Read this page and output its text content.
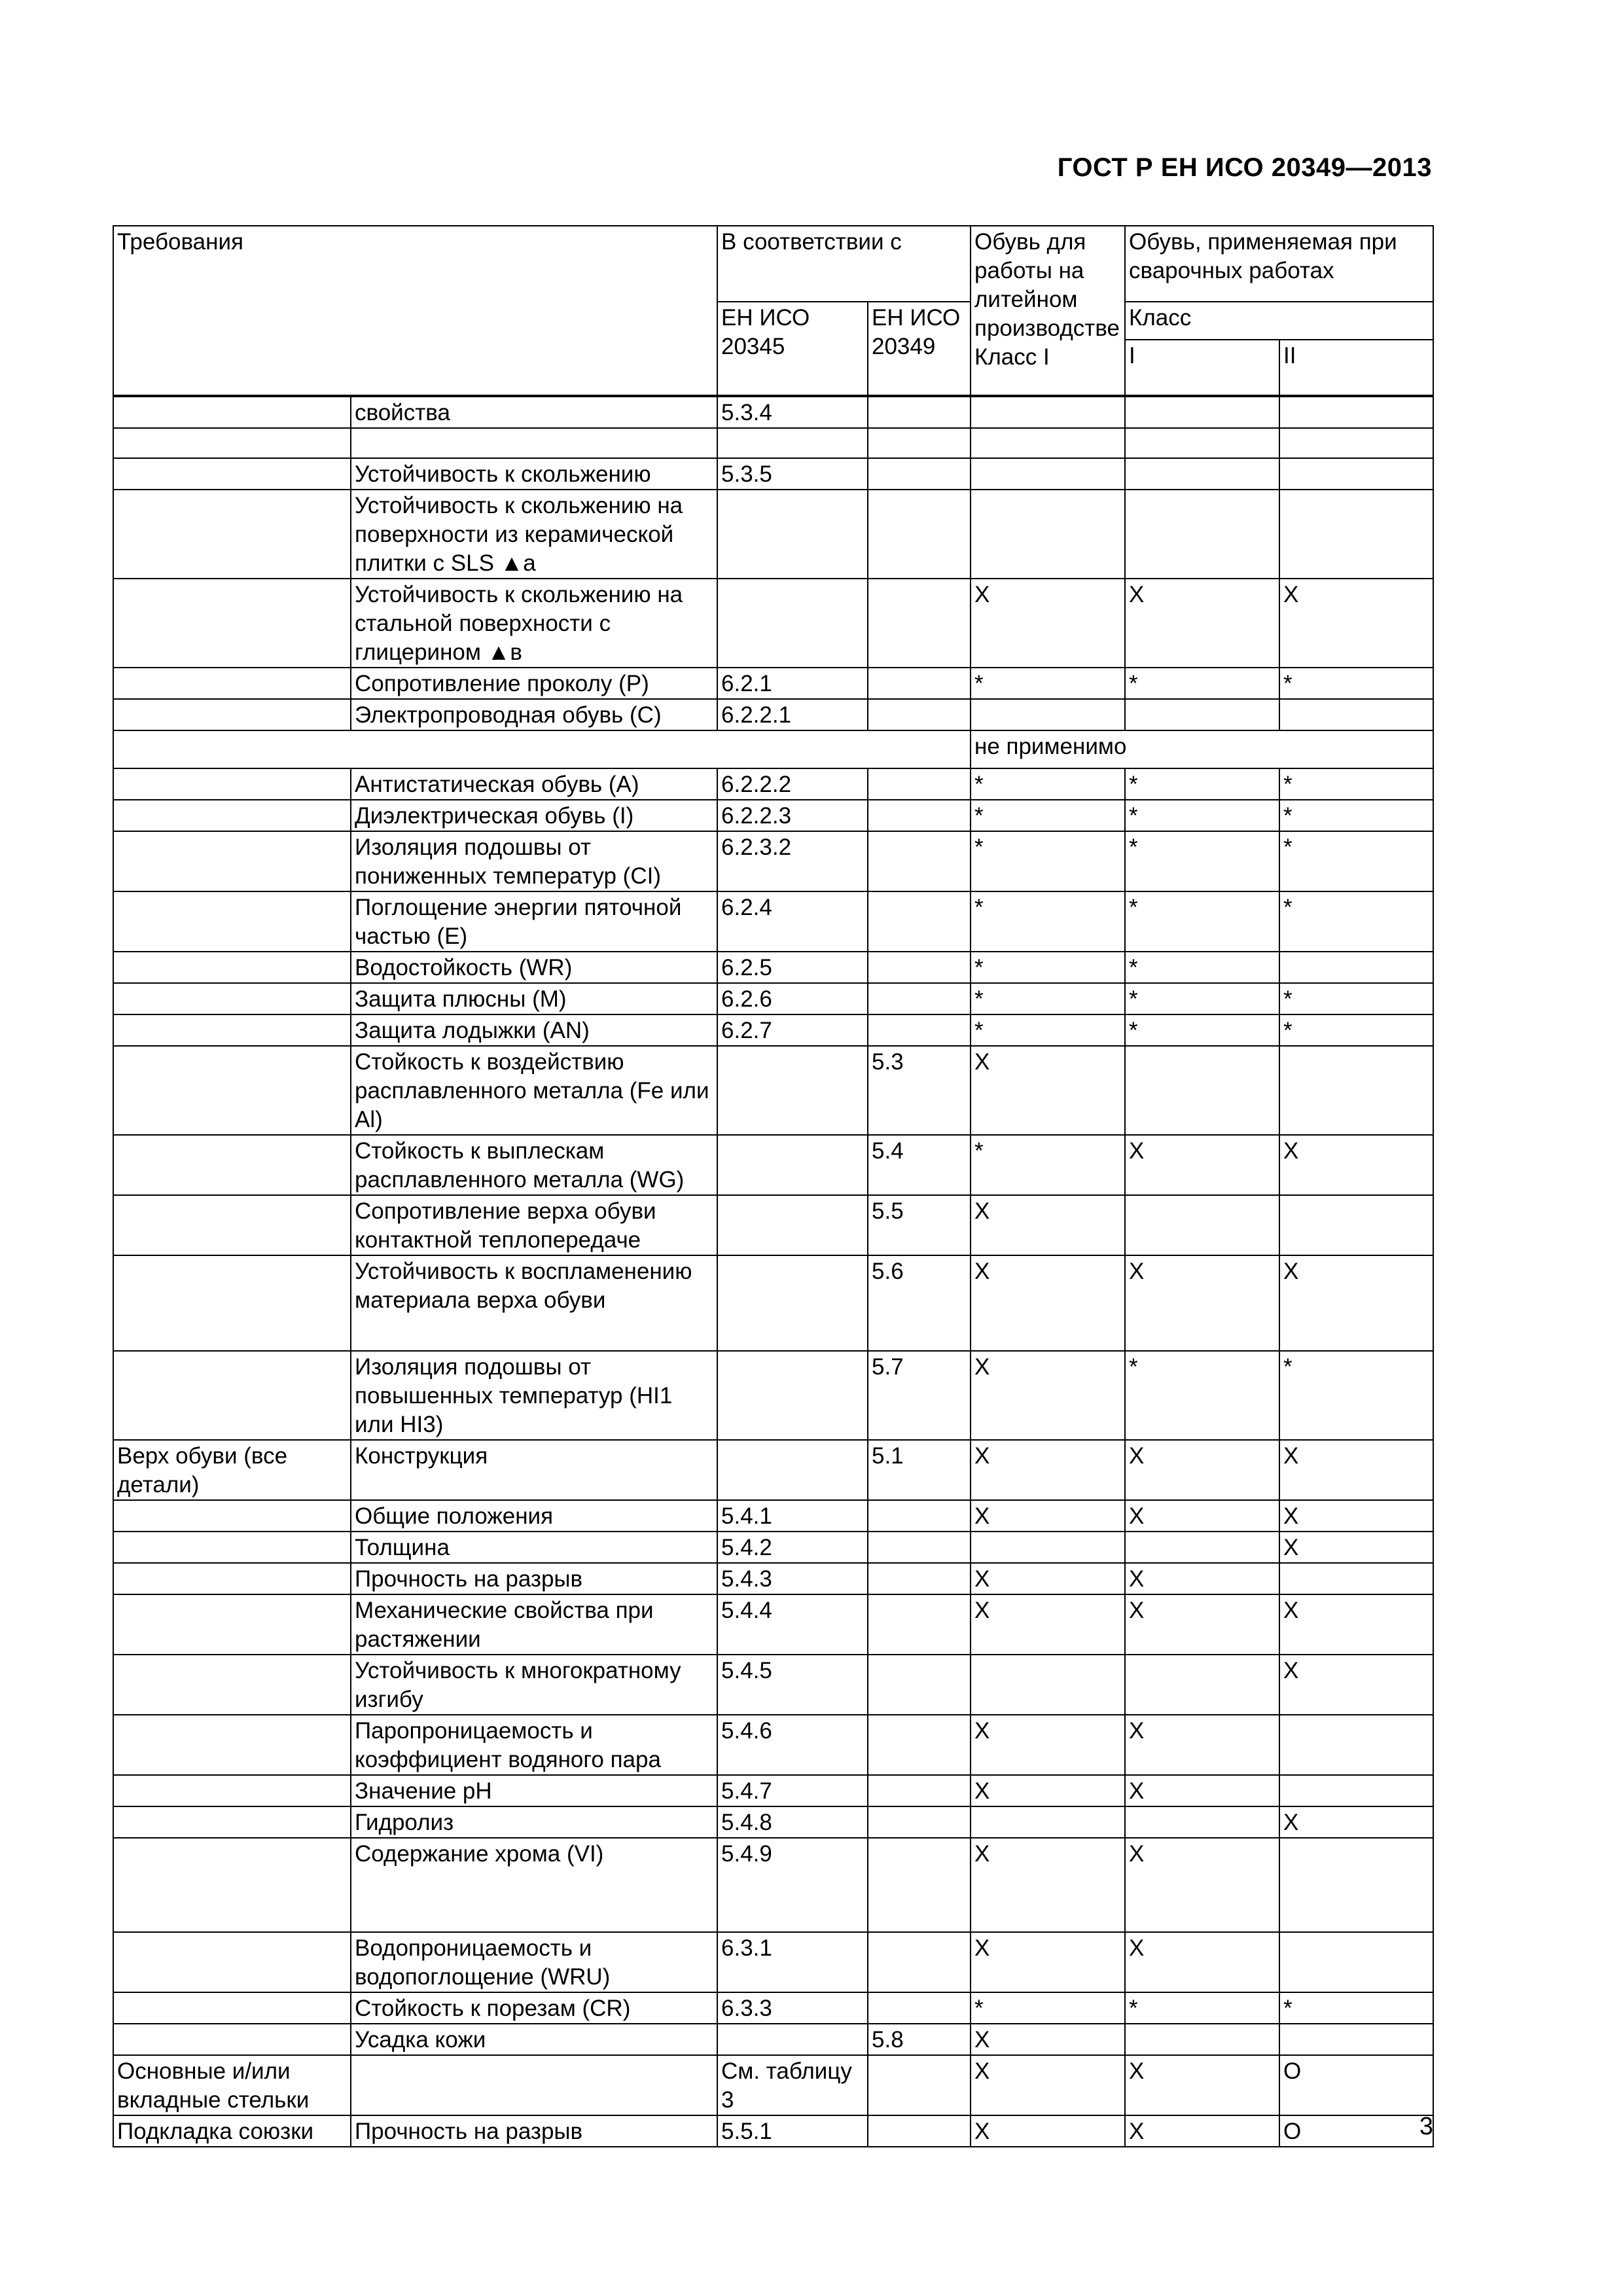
ГОСТ Р ЕН ИСО 20349—2013
Требования		В соответствии с		Обувь для работы на литейном производстве Класс I	Обувь, применяемая при сварочных работах	
		ЕН ИСО 20345	ЕН ИСО 20349		Класс	
					I	II
	свойства	5.3.4				

	Устойчивость к скольжению	5.3.5				
	Устойчивость к скольжению на поверхности из керамической плитки с SLS ▲а					
	Устойчивость к скольжению на стальной поверхности с глицерином ▲в			X	X	X
	Сопротивление проколу (P)	6.2.1		*	*	*
	Электропроводная обувь (С)	6.2.2.1				
				не применимо		
	Антистатическая обувь (A)	6.2.2.2		*	*	*
	Диэлектрическая обувь (I)	6.2.2.3		*	*	*
	Изоляция подошвы от пониженных температур (CI)	6.2.3.2		*	*	*
	Поглощение энергии пяточной частью (Е)	6.2.4		*	*	*
	Водостойкость (WR)	6.2.5		*	*	
	Защита плюсны (M)	6.2.6		*	*	*
	Защита лодыжки (AN)	6.2.7		*	*	*
	Стойкость к воздействию расплавленного металла (Fe или Al)		5.3	X		
	Стойкость к выплескам расплавленного металла (WG)		5.4	*	X	X
	Сопротивление верха обуви контактной теплопередаче		5.5	X		
	Устойчивость к воспламенению материала верха обуви		5.6	X	X	X
	Изоляция подошвы от повышенных температур (HI1 или HI3)		5.7	X	*	*
Верх обуви (все детали)	Конструкция		5.1	X	X	X
	Общие положения	5.4.1		X	X	X
	Толщина	5.4.2				X
	Прочность на разрыв	5.4.3		X	X	
	Механические свойства при растяжении	5.4.4		X	X	X
	Устойчивость к многократному изгибу	5.4.5				X
	Паропроницаемость и коэффициент водяного пара	5.4.6		X	X	
	Значение pH	5.4.7		X	X	
	Гидролиз	5.4.8				X
	Содержание хрома (VI)	5.4.9		X	X	
	Водопроницаемость и водопоглощение (WRU)	6.3.1		X	X	
	Стойкость к порезам (CR)	6.3.3		*	*	*
	Усадка кожи		5.8	X		
Основные и/или вкладные стельки		См. таблицу 3		X	X	O
Подкладка союзки	Прочность на разрыв	5.5.1		X	X	O	3
